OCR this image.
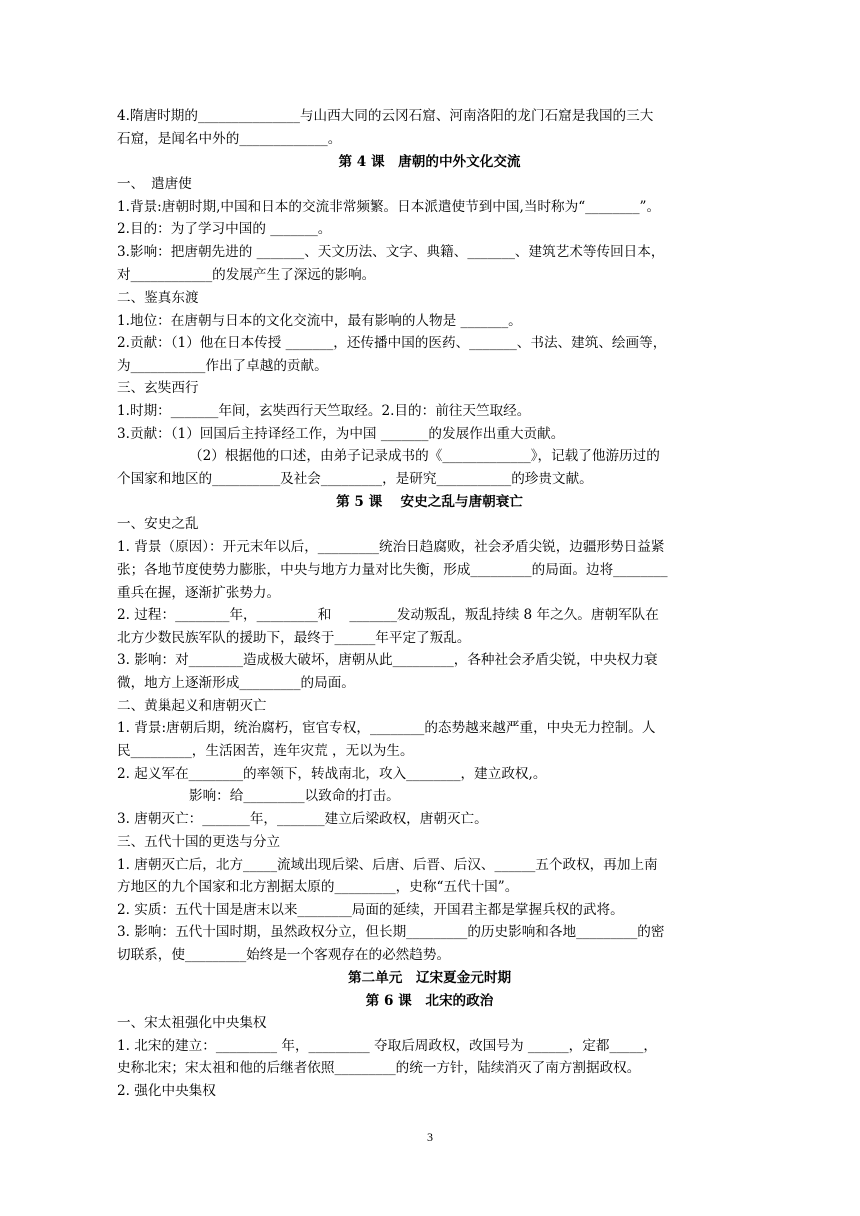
4.隋唐时期的_______________与山西大同的云冈石窟、河南洛阳的龙门石窟是我国的三大
石窟，是闻名中外的_____________。
第 4 课　唐朝的中外文化交流
一、　遣唐使
1.背景:唐朝时期,中国和日本的交流非常频繁。日本派遣使节到中国,当时称为“________”。
2.目的：为了学习中国的 _______。
3.影响：把唐朝先进的 _______、天文历法、文字、典籍、_______、建筑艺术等传回日本，
对____________的发展产生了深远的影响。
二、鉴真东渡
1.地位：在唐朝与日本的文化交流中，最有影响的人物是 _______。
2.贡献：（1）他在日本传授 _______，还传播中国的医药、_______、书法、建筑、绘画等，
为___________作出了卓越的贡献。
三、玄奘西行
1.时期：_______年间，玄奘西行天竺取经。2.目的：前往天竺取经。
3.贡献：（1）回国后主持译经工作，为中国 _______的发展作出重大贡献。
（2）根据他的口述，由弟子记录成书的《_____________》，记载了他游历过的
个国家和地区的__________及社会_________，是研究___________的珍贵文献。
第 5 课　 安史之乱与唐朝衰亡
一、安史之乱
1. 背景（原因）：开元末年以后，_________统治日趋腐败，社会矛盾尖锐，边疆形势日益紧
张；各地节度使势力膨胀，中央与地方力量对比失衡，形成_________的局面。边将________
重兵在握，逐渐扩张势力。
2. 过程：________年，_________和　 _______发动叛乱，叛乱持续 8 年之久。唐朝军队在
北方少数民族军队的援助下，最终于______年平定了叛乱。
3. 影响：对________造成极大破坏，唐朝从此_________，各种社会矛盾尖锐，中央权力衰
微，地方上逐渐形成_________的局面。
二、黄巢起义和唐朝灭亡
1. 背景:唐朝后期，统治腐朽，宦官专权，________的态势越来越严重，中央无力控制。人
民_________，生活困苦，连年灾荒 ，无以为生。
2. 起义军在________的率领下，转战南北，攻入________，建立政权,。
影响：给_________以致命的打击。
3. 唐朝灭亡：_______年，_______建立后梁政权，唐朝灭亡。
三、五代十国的更迭与分立
1. 唐朝灭亡后，北方_____流域出现后梁、后唐、后晋、后汉、______五个政权，再加上南
方地区的九个国家和北方割据太原的_________，史称“五代十国”。
2. 实质：五代十国是唐末以来________局面的延续，开国君主都是掌握兵权的武将。
3. 影响：五代十国时期，虽然政权分立，但长期_________的历史影响和各地_________的密
切联系，使_________始终是一个客观存在的必然趋势。
第二单元　辽宋夏金元时期
第 6 课　北宋的政治
一、宋太祖强化中央集权
1. 北宋的建立：_________ 年，_________ 夺取后周政权，改国号为 ______，定都_____，
史称北宋；宋太祖和他的后继者依照_________的统一方针，陆续消灭了南方割据政权。
2. 强化中央集权
3
